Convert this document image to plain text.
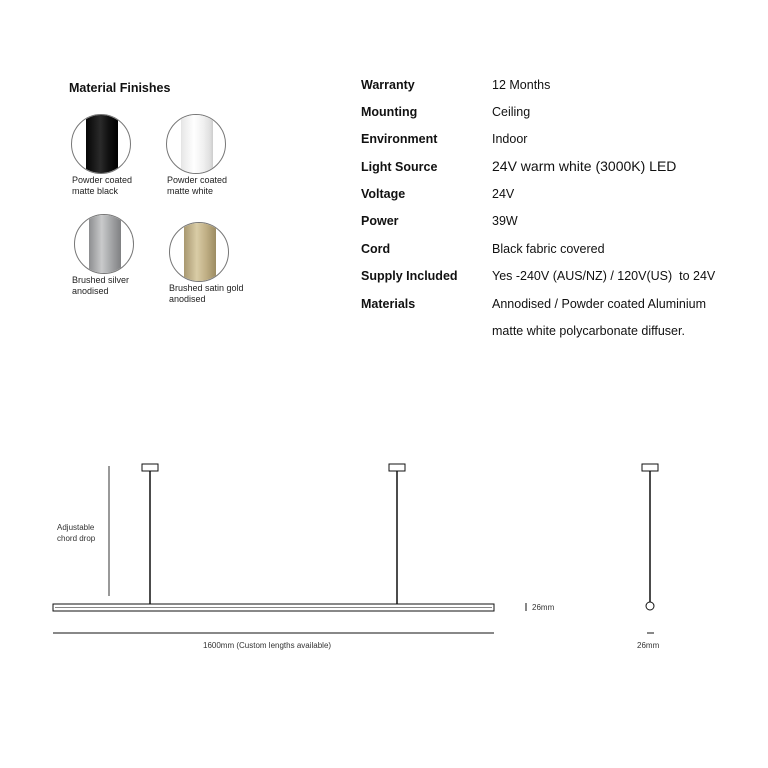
Material Finishes
Powder coated
matte black
Powder coated
matte white
Brushed silver
anodised	Brushed satin gold
anodised
Warranty	12 Months
Mounting	Ceiling
Environment	Indoor
Light Source	24V warm white (3000K) LED
Voltage	24V
Power	39W
Cord	Black fabric covered
Supply Included	Yes -240V (AUS/NZ) / 120V(US)  to 24V
Materials	Annodised / Powder coated Aluminium
matte white polycarbonate diffuser.
Adjustable
chord drop
26mm
1600mm (Custom lengths available)	26mm
